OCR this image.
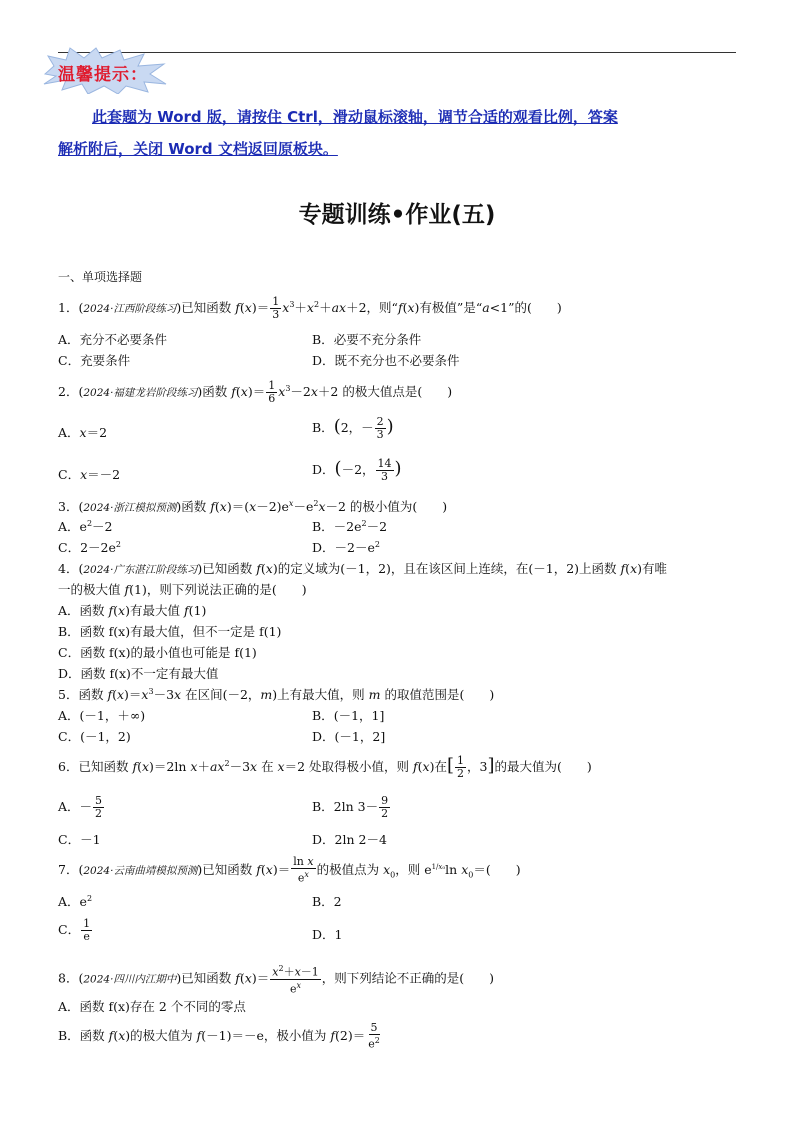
温馨提示：
此套题为 Word 版，请按住 Ctrl，滑动鼠标滚轴，调节合适的观看比例，答案
解析附后，关闭 Word 文档返回原板块。
专题训练•作业(五)
一、单项选择题
1．(2024·江西阶段练习)已知函数 $f(x)= \frac{1}{3} x^3+x^2+ax+2$，则“f(x)有极值”是“a<1”的(　　)
A．充分不必要条件	B．必要不充分条件
C．充要条件	D．既不充分也不必要条件
2．(2024·福建龙岩阶段练习)函数 $f(x)= \frac{1}{6} x^3-2x+2$ 的极大值点是(　　)
A．x＝2	B．(2，－ $\frac{2}{3}$ )
C．x＝－2	D．(－2， $\frac{14}{3}$ )
3．(2024·浙江模拟预测)函数 $f(x)=(x-2)e^x-e^2x-2$ 的极小值为(　　)
A．$e^2-2$	B．$-2e^2-2$
C．$2-2e^2$	D．$-2-e^2$
4．(2024·广东湛江阶段练习)已知函数 f(x)的定义域为(－1，2)，且在该区间上连续，在(－1，2)上函数 f(x)有唯
一的极大值 f(1)，则下列说法正确的是(　　)
A．函数 f(x)有最大值 f(1)
B．函数 f(x)有最大值，但不一定是 f(1)
C．函数 f(x)的最小值也可能是 f(1)
D．函数 f(x)不一定有最大值
5．函数 $f(x)=x^3-3x$ 在区间(－2，m)上有最大值，则 m 的取值范围是(　　)
A．(－1，＋∞)	B．(－1，1]
C．(－1，2)	D．(－1，2]
6．已知函数 f(x)＝2ln $x+ax^2-3x$ 在 x＝2 处取得极小值，则 f(x)在[ $\frac{1}{2}$ ，3]的最大值为(　　)
A．－ $\frac{5}{2}$	B．2ln $3- \frac{9}{2}$
C．－1	D．2ln 2－4
7．(2024·云南曲靖模拟预测)已知函数 $f(x)= \frac{\text{ln x}}{e^x}$ 的极值点为 $x_0$，则 $e^{1/x_0}\ln$ $x_0=$(　　)
A．$e^2$	B．2
C． $\frac{1}{e}$	D．1
8．(2024·四川内江期中)已知函数 $f(x)= \frac{x^2+x-1}{e^x}$ ，则下列结论不正确的是(　　)
A．函数 f(x)存在 2 个不同的零点
B．函数 f(x)的极大值为 f(－1)＝－e，极小值为 $f(2)= \frac{5}{e^2}$
